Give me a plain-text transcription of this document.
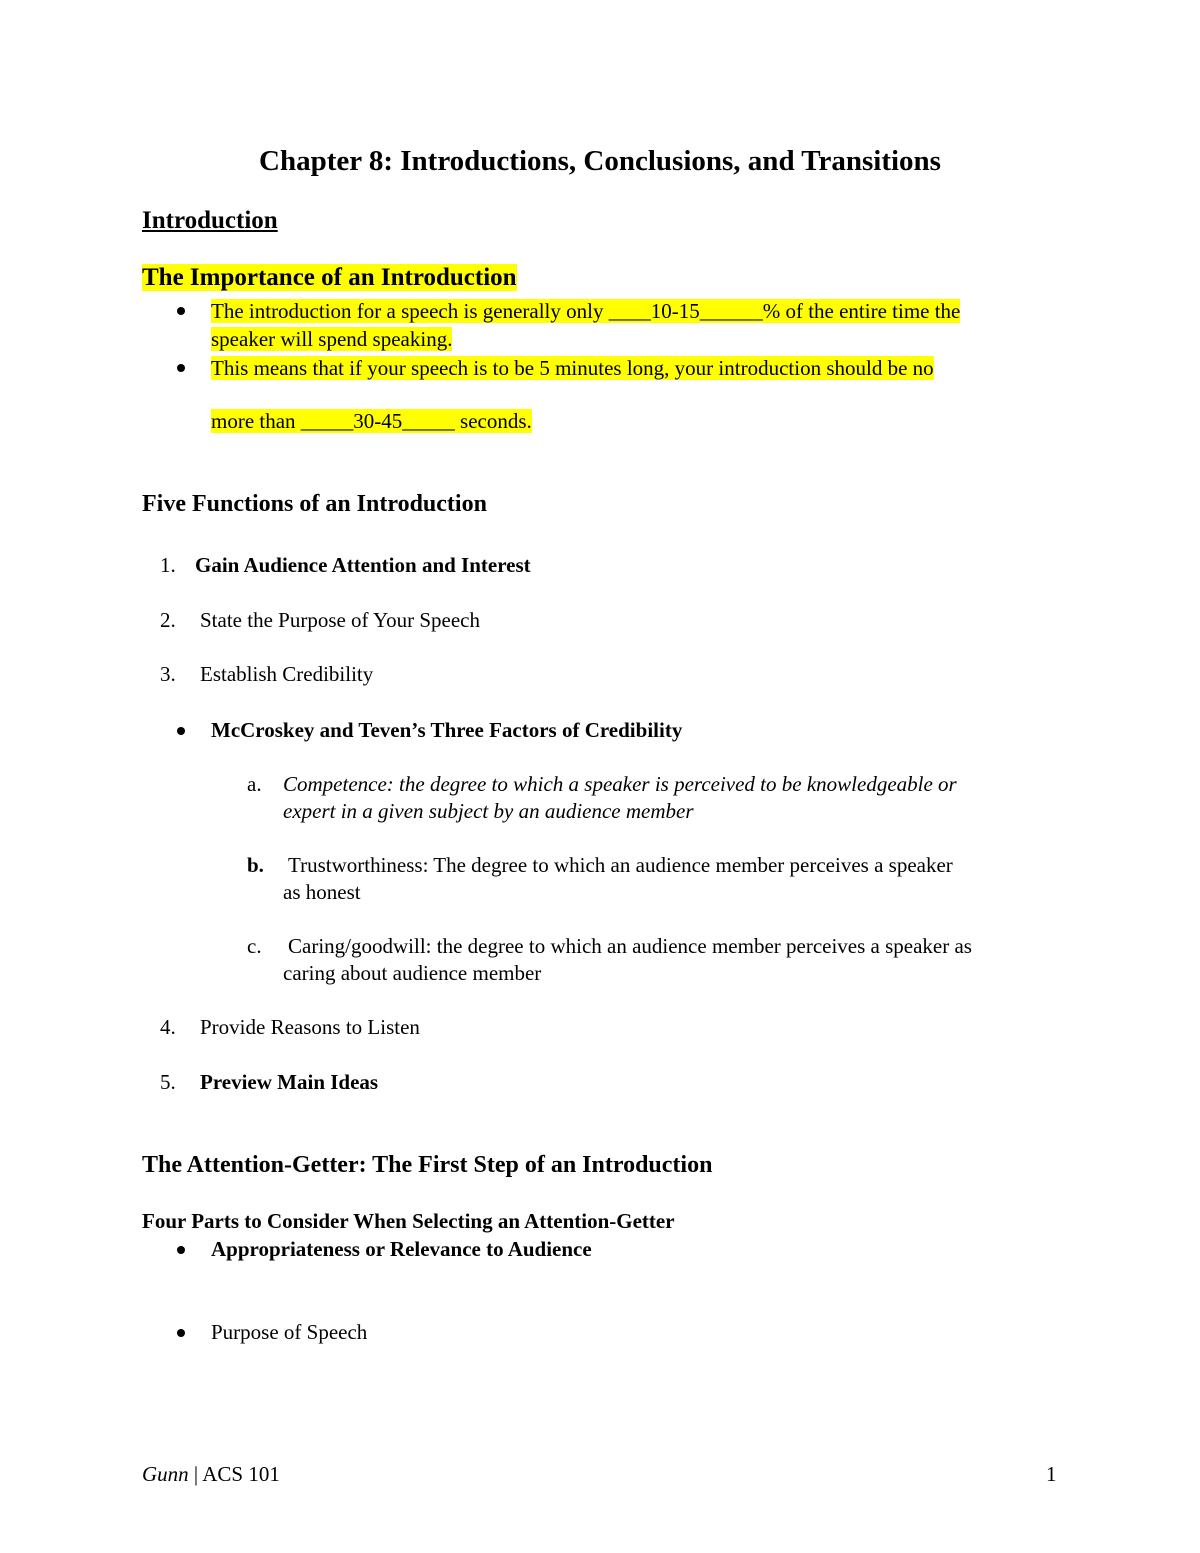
Chapter 8: Introductions, Conclusions, and Transitions
Introduction
The Importance of an Introduction
The introduction for a speech is generally only ____10-15______% of the entire time the
speaker will spend speaking.
This means that if your speech is to be 5 minutes long, your introduction should be no
more than _____30-45_____ seconds.
Five Functions of an Introduction
1. Gain Audience Attention and Interest
2. State the Purpose of Your Speech
3. Establish Credibility
McCroskey and Teven’s Three Factors of Credibility
a. Competence: the degree to which a speaker is perceived to be knowledgeable or
expert in a given subject by an audience member
b. Trustworthiness: The degree to which an audience member perceives a speaker
as honest
c. Caring/goodwill: the degree to which an audience member perceives a speaker as
caring about audience member
4. Provide Reasons to Listen
5. Preview Main Ideas
The Attention-Getter: The First Step of an Introduction
Four Parts to Consider When Selecting an Attention-Getter
Appropriateness or Relevance to Audience
Purpose of Speech
Gunn | ACS 101	1
